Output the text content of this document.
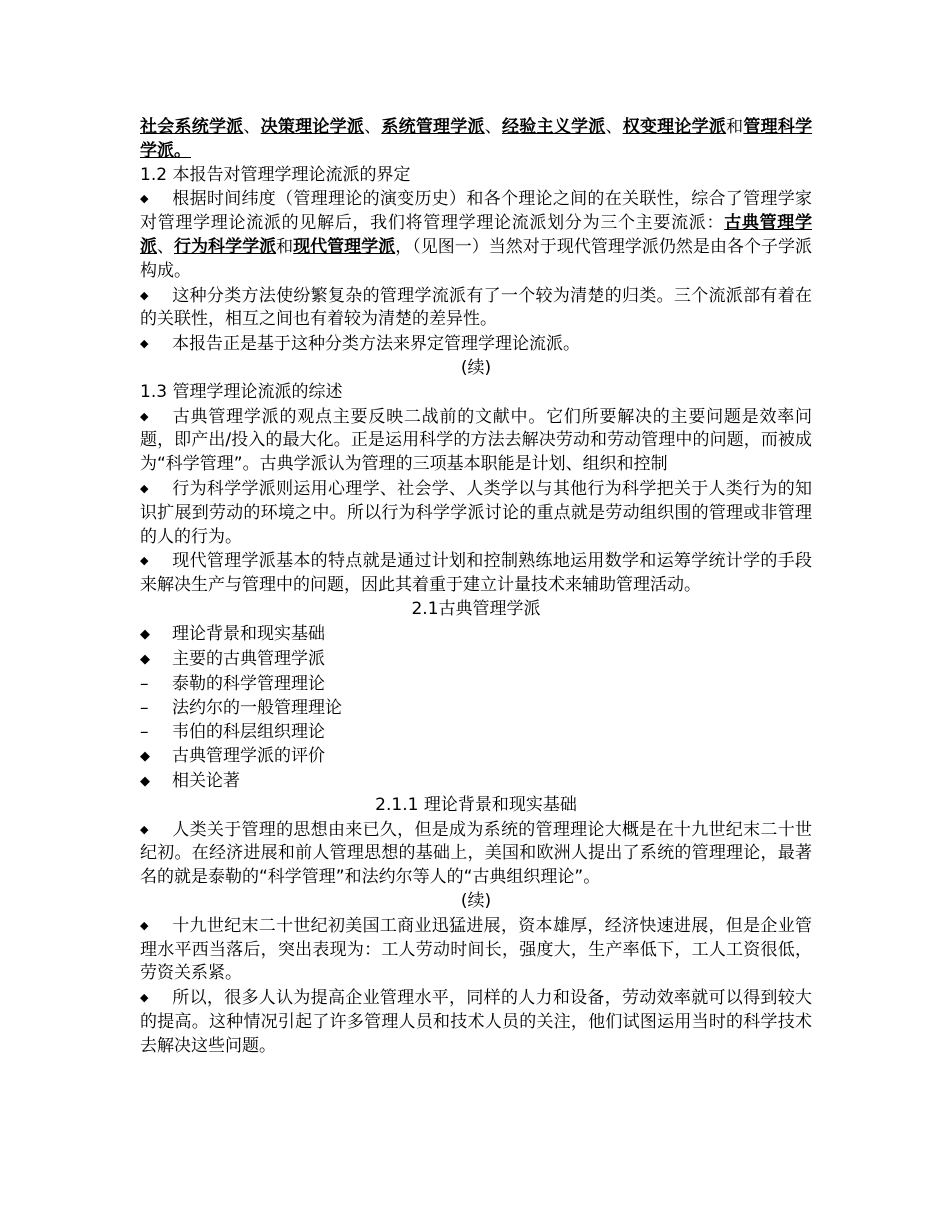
社会系统学派、决策理论学派、系统管理学派、经验主义学派、权变理论学派和管理科学学派。

1.2 本报告对管理学理论流派的界定

◆ 根据时间纬度（管理理论的演变历史）和各个理论之间的在关联性，综合了管理学家对管理学理论流派的见解后，我们将管理学理论流派划分为三个主要流派：古典管理学派、行为科学学派和现代管理学派，（见图一）当然对于现代管理学派仍然是由各个子学派构成。

◆ 这种分类方法使纷繁复杂的管理学流派有了一个较为清楚的归类。三个流派部有着在的关联性，相互之间也有着较为清楚的差异性。

◆ 本报告正是基于这种分类方法来界定管理学理论流派。

(续)

1.3 管理学理论流派的综述

◆ 古典管理学派的观点主要反映二战前的文献中。它们所要解决的主要问题是效率问题，即产出/投入的最大化。正是运用科学的方法去解决劳动和劳动管理中的问题，而被成为“科学管理”。古典学派认为管理的三项基本职能是计划、组织和控制

◆ 行为科学学派则运用心理学、社会学、人类学以与其他行为科学把关于人类行为的知识扩展到劳动的环境之中。所以行为科学学派讨论的重点就是劳动组织围的管理或非管理的人的行为。

◆ 现代管理学派基本的特点就是通过计划和控制熟练地运用数学和运筹学统计学的手段来解决生产与管理中的问题，因此其着重于建立计量技术来辅助管理活动。

2.1古典管理学派

◆ 理论背景和现实基础

◆ 主要的古典管理学派

– 泰勒的科学管理理论

– 法约尔的一般管理理论

– 韦伯的科层组织理论

◆ 古典管理学派的评价

◆ 相关论著

2.1.1 理论背景和现实基础

◆ 人类关于管理的思想由来已久，但是成为系统的管理理论大概是在十九世纪末二十世纪初。在经济进展和前人管理思想的基础上，美国和欧洲人提出了系统的管理理论，最著名的就是泰勒的“科学管理”和法约尔等人的“古典组织理论”。

(续)

◆ 十九世纪末二十世纪初美国工商业迅猛进展，资本雄厚，经济快速进展，但是企业管理水平西当落后，突出表现为：工人劳动时间长，强度大，生产率低下，工人工资很低，劳资关系紧。

◆ 所以，很多人认为提高企业管理水平，同样的人力和设备，劳动效率就可以得到较大的提高。这种情况引起了许多管理人员和技术人员的关注，他们试图运用当时的科学技术去解决这些问题。
